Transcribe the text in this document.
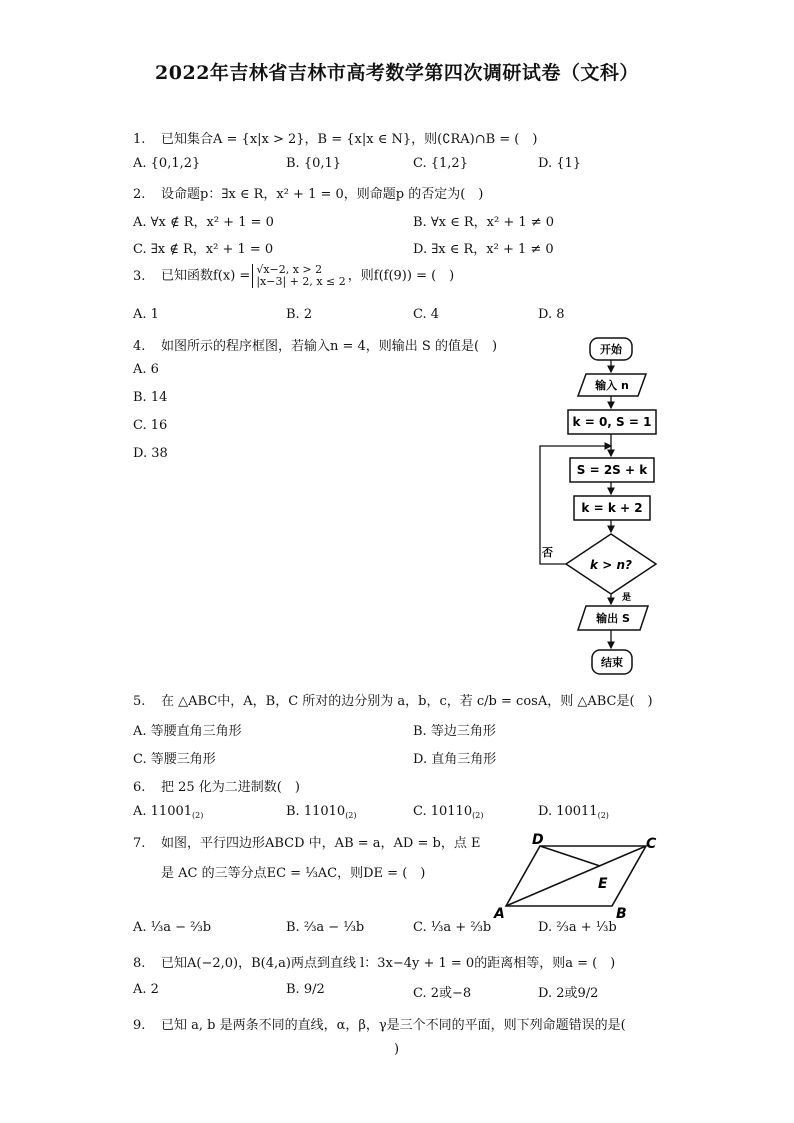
2022年吉林省吉林市高考数学第四次调研试卷（文科）
1. 已知集合A = {x|x > 2}，B = {x|x ∈ N}，则(∁RA)∩B = (　)
A. {0,1,2}	B. {0,1}	C. {1,2}	D. {1}
2. 设命题p：∃x ∈ R，x² + 1 = 0，则命题p 的否定为(　)
A. ∀x ∉ R，x² + 1 = 0	B. ∀x ∈ R，x² + 1 ≠ 0
C. ∃x ∉ R，x² + 1 = 0	D. ∃x ∈ R，x² + 1 ≠ 0
3. 已知函数f(x) = √x−2, x > 2
|x−3| + 2, x ≤ 2 ，则f(f(9)) = (　)
A. 1	B. 2	C. 4	D. 8
4. 如图所示的程序框图，若输入n = 4，则输出 S 的值是(　)
A. 6
B. 14
C. 16
D. 38
开始
输入 n
k = 0, S = 1
S = 2S + k
k = k + 2
k > n?
否
是
输出 S
结束
5. 在 △ABC中，A，B，C 所对的边分别为 a，b，c，若 c/b = cosA，则 △ABC是(　)
A. 等腰直角三角形	B. 等边三角形
C. 等腰三角形	D. 直角三角形
6. 把 25 化为二进制数(　)
A. $11001_{(2)}$	B. $11010_{(2)}$	C. $10110_{(2)}$	D. $10011_{(2)}$
7. 如图，平行四边形ABCD 中，AB = a，AD = b，点 E
是 AC 的三等分点EC = ⅓AC，则DE = (　)
A	B
C
D
E
A. ⅓a − ⅔b	B. ⅔a − ⅓b	C. ⅓a + ⅔b	D. ⅔a + ⅓b
8. 已知A(−2,0)，B(4,a)两点到直线 l：3x−4y + 1 = 0的距离相等，则a = (　)
A. 2	B. 9/2	C. 2或−8	D. 2或9/2
9. 已知 a, b 是两条不同的直线，α，β，γ是三个不同的平面，则下列命题错误的是(
)
